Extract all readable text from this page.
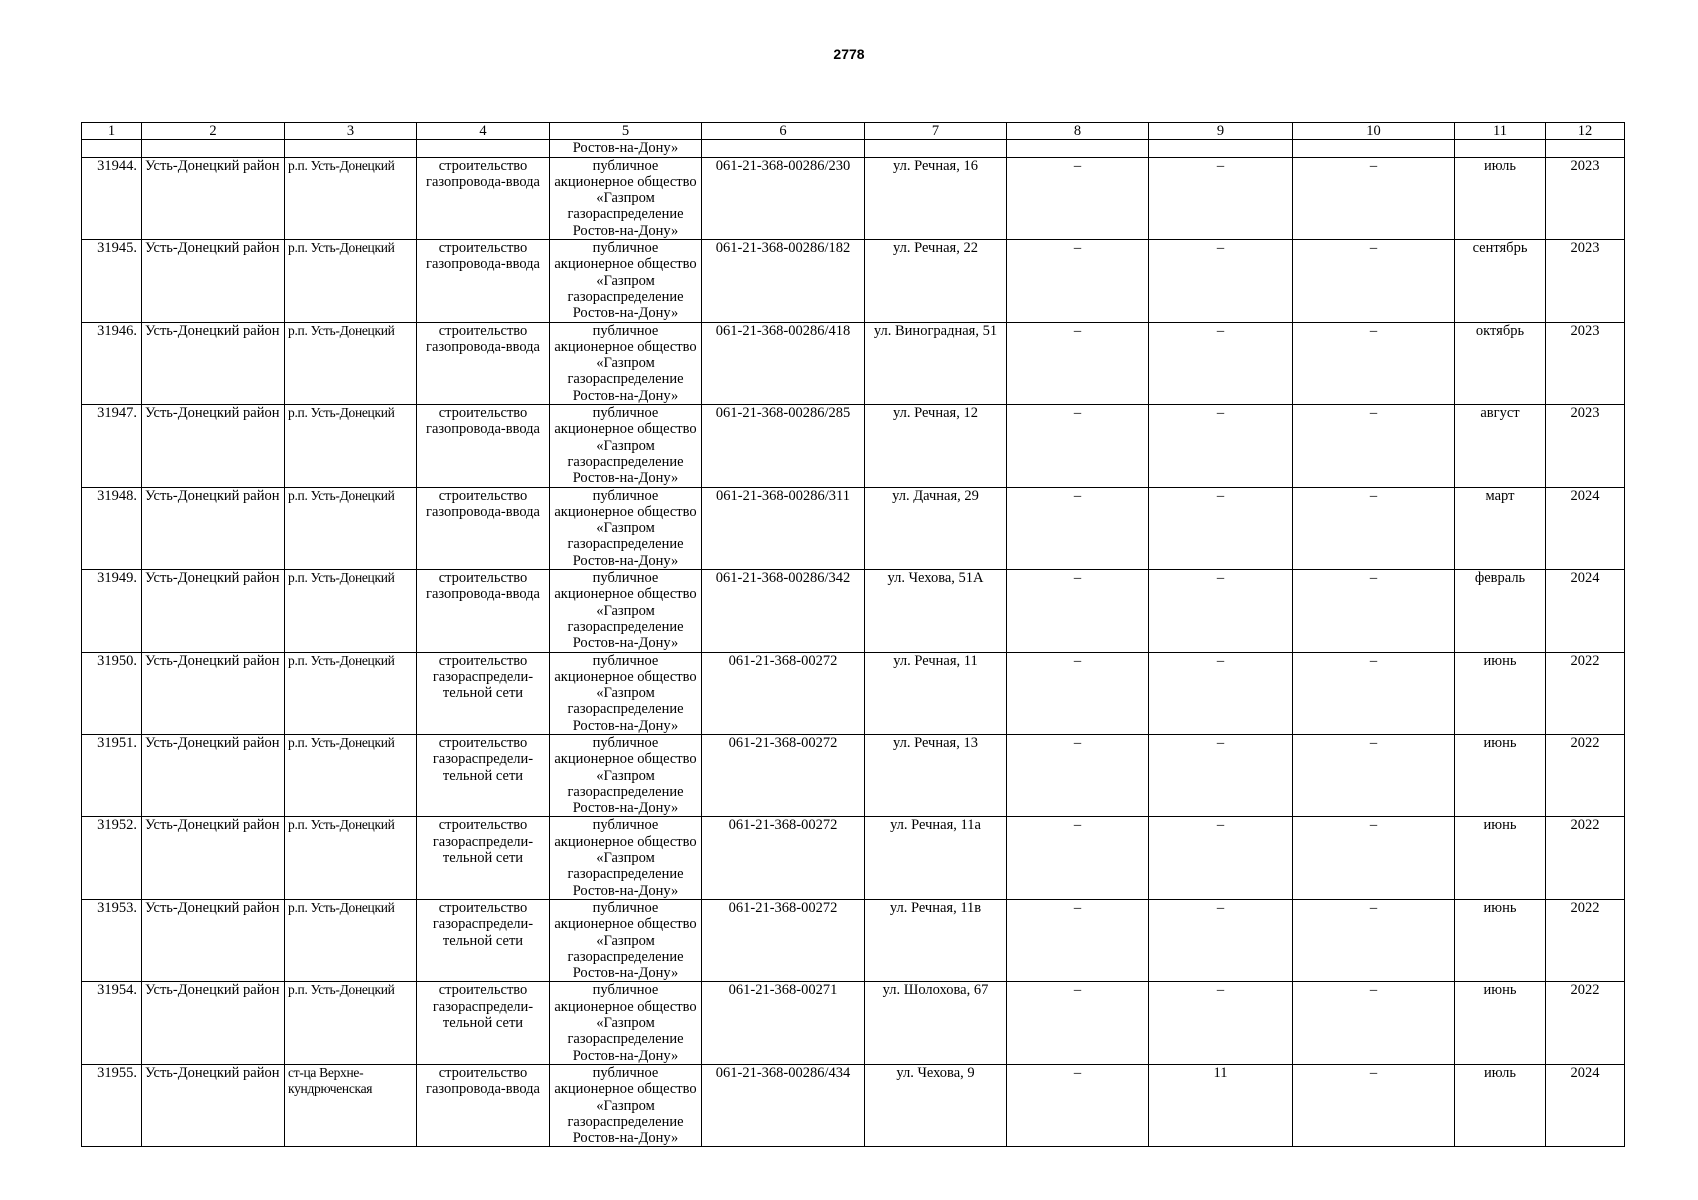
2778
1	2	3	4	5	6	7	8	9	10	11	12
				Ростов-на-Дону»							
31944.	Усть-Донецкий район	р.п. Усть-Донецкий	строительство газопровода-ввода	публичное акционерное общество «Газпром газораспределение Ростов-на-Дону»	061-21-368-00286/230	ул. Речная, 16	–	–	–	июль	2023
31945.	Усть-Донецкий район	р.п. Усть-Донецкий	строительство газопровода-ввода	публичное акционерное общество «Газпром газораспределение Ростов-на-Дону»	061-21-368-00286/182	ул. Речная, 22	–	–	–	сентябрь	2023
31946.	Усть-Донецкий район	р.п. Усть-Донецкий	строительство газопровода-ввода	публичное акционерное общество «Газпром газораспределение Ростов-на-Дону»	061-21-368-00286/418	ул. Виноградная, 51	–	–	–	октябрь	2023
31947.	Усть-Донецкий район	р.п. Усть-Донецкий	строительство газопровода-ввода	публичное акционерное общество «Газпром газораспределение Ростов-на-Дону»	061-21-368-00286/285	ул. Речная, 12	–	–	–	август	2023
31948.	Усть-Донецкий район	р.п. Усть-Донецкий	строительство газопровода-ввода	публичное акционерное общество «Газпром газораспределение Ростов-на-Дону»	061-21-368-00286/311	ул. Дачная, 29	–	–	–	март	2024
31949.	Усть-Донецкий район	р.п. Усть-Донецкий	строительство газопровода-ввода	публичное акционерное общество «Газпром газораспределение Ростов-на-Дону»	061-21-368-00286/342	ул. Чехова, 51А	–	–	–	февраль	2024
31950.	Усть-Донецкий район	р.п. Усть-Донецкий	строительство газораспредели-тельной сети	публичное акционерное общество «Газпром газораспределение Ростов-на-Дону»	061-21-368-00272	ул. Речная, 11	–	–	–	июнь	2022
31951.	Усть-Донецкий район	р.п. Усть-Донецкий	строительство газораспредели-тельной сети	публичное акционерное общество «Газпром газораспределение Ростов-на-Дону»	061-21-368-00272	ул. Речная, 13	–	–	–	июнь	2022
31952.	Усть-Донецкий район	р.п. Усть-Донецкий	строительство газораспредели-тельной сети	публичное акционерное общество «Газпром газораспределение Ростов-на-Дону»	061-21-368-00272	ул. Речная, 11а	–	–	–	июнь	2022
31953.	Усть-Донецкий район	р.п. Усть-Донецкий	строительство газораспредели-тельной сети	публичное акционерное общество «Газпром газораспределение Ростов-на-Дону»	061-21-368-00272	ул. Речная, 11в	–	–	–	июнь	2022
31954.	Усть-Донецкий район	р.п. Усть-Донецкий	строительство газораспредели-тельной сети	публичное акционерное общество «Газпром газораспределение Ростов-на-Дону»	061-21-368-00271	ул. Шолохова, 67	–	–	–	июнь	2022
31955.	Усть-Донецкий район	ст-ца Верхне-кундрюченская	строительство газопровода-ввода	публичное акционерное общество «Газпром газораспределение Ростов-на-Дону»	061-21-368-00286/434	ул. Чехова, 9	–	11	–	июль	2024
